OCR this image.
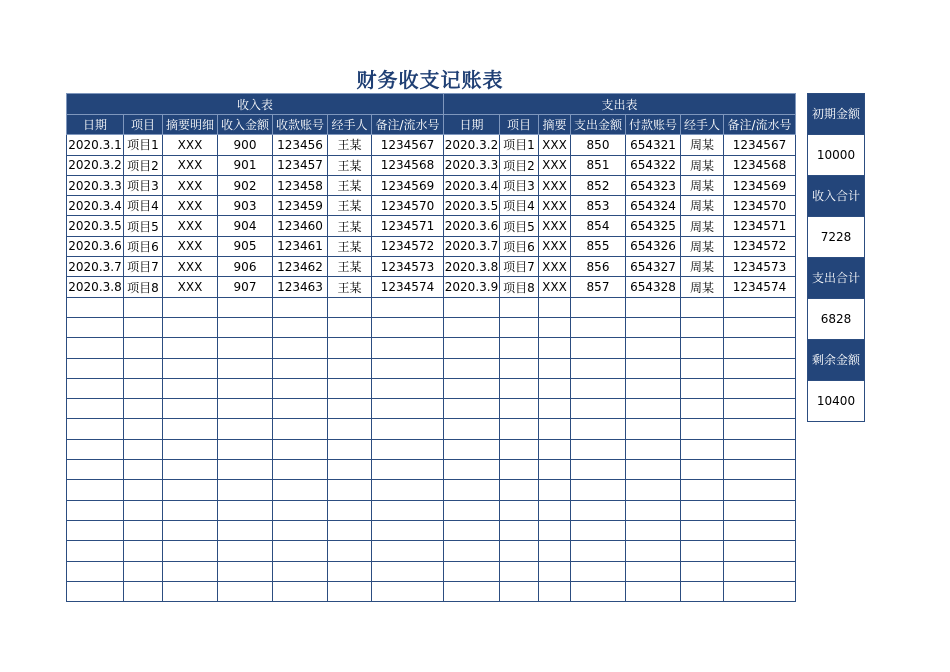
财务收支记账表
收入表							支出表						
日期	项目	摘要明细	收入金额	收款账号	经手人	备注/流水号	日期	项目	摘要	支出金额	付款账号	经手人	备注/流水号
2020.3.1	项目1	XXX	900	123456	王某	1234567	2020.3.2	项目1	XXX	850	654321	周某	1234567
2020.3.2	项目2	XXX	901	123457	王某	1234568	2020.3.3	项目2	XXX	851	654322	周某	1234568
2020.3.3	项目3	XXX	902	123458	王某	1234569	2020.3.4	项目3	XXX	852	654323	周某	1234569
2020.3.4	项目4	XXX	903	123459	王某	1234570	2020.3.5	项目4	XXX	853	654324	周某	1234570
2020.3.5	项目5	XXX	904	123460	王某	1234571	2020.3.6	项目5	XXX	854	654325	周某	1234571
2020.3.6	项目6	XXX	905	123461	王某	1234572	2020.3.7	项目6	XXX	855	654326	周某	1234572
2020.3.7	项目7	XXX	906	123462	王某	1234573	2020.3.8	项目7	XXX	856	654327	周某	1234573
2020.3.8	项目8	XXX	907	123463	王某	1234574	2020.3.9	项目8	XXX	857	654328	周某	1234574

初期金额
10000
收入合计
7228
支出合计
6828
剩余金额
10400
